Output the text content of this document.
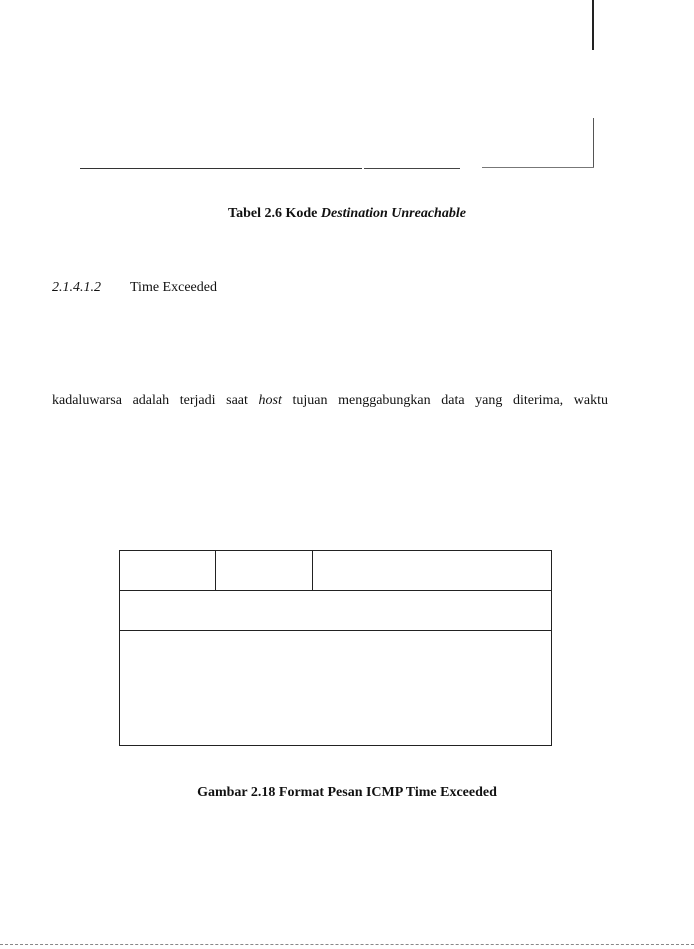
Tabel 2.6 Kode Destination Unreachable
2.1.4.1.2 Time Exceeded
kadaluwarsa adalah terjadi saat host tujuan menggabungkan data yang diterima, waktu
Gambar 2.18 Format Pesan ICMP Time Exceeded
